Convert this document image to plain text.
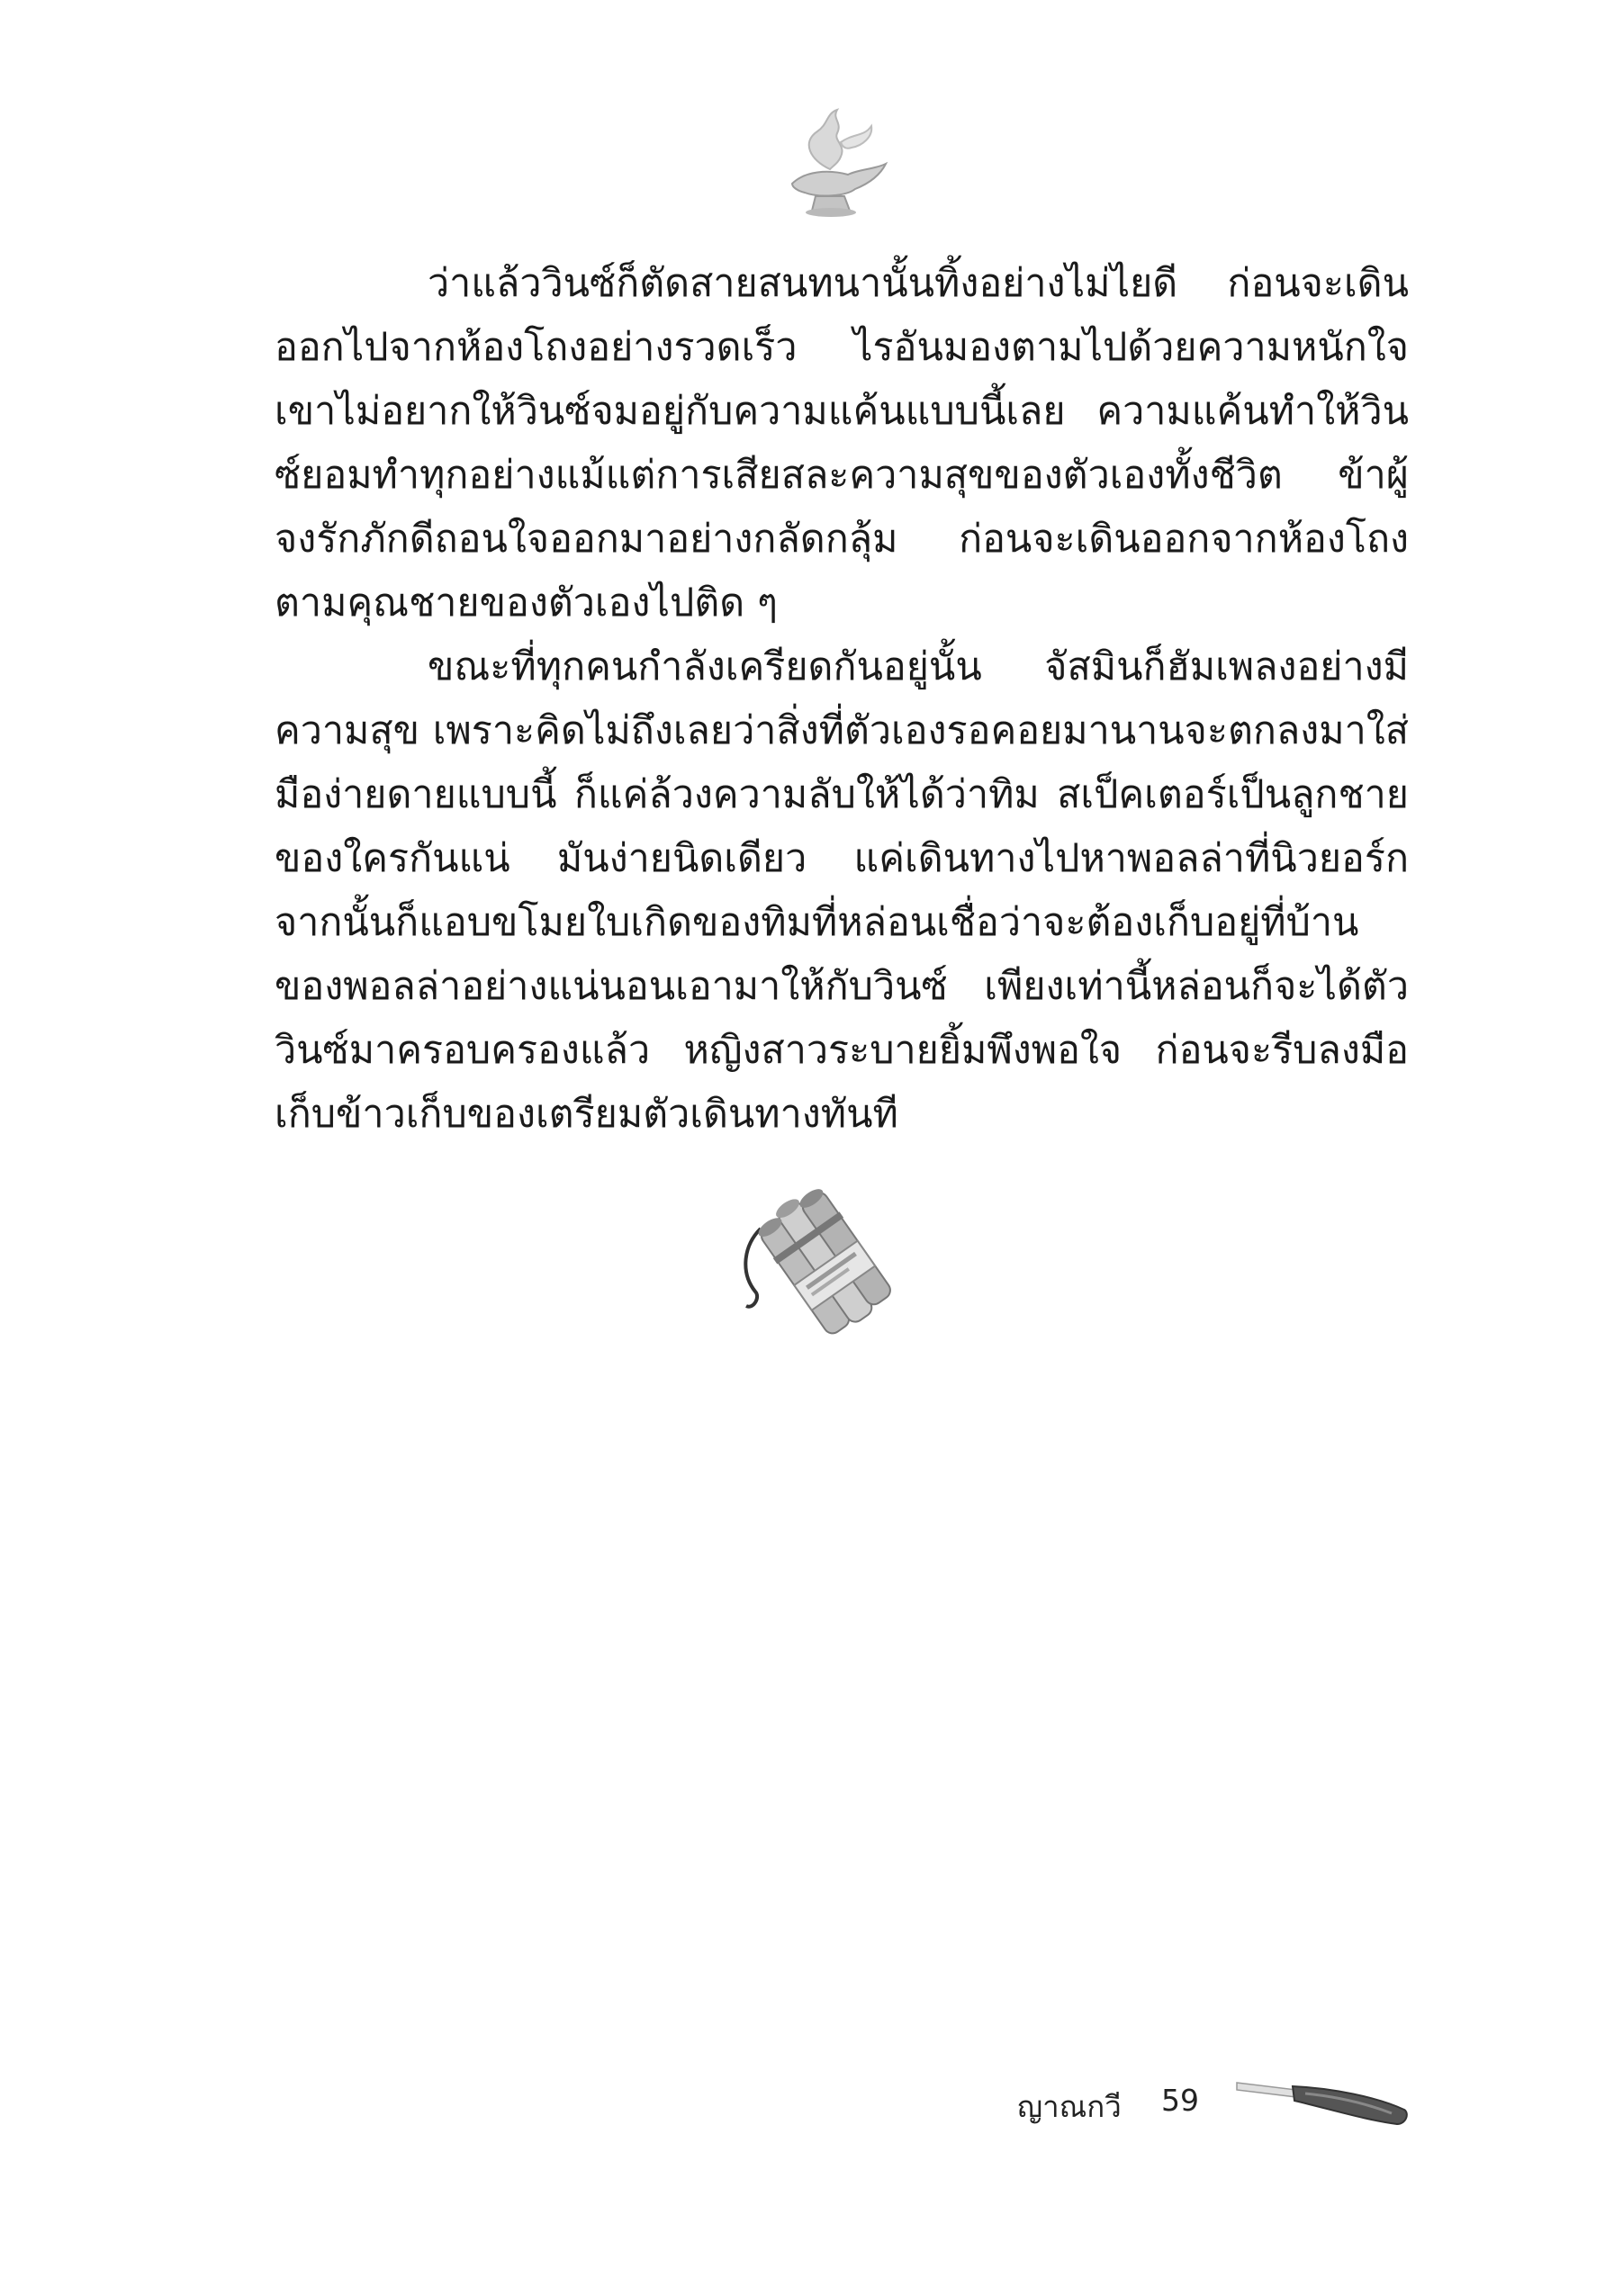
ว่าแล้ววินซ์ก็ตัดสายสนทนานั้นทิ้งอย่างไม่ไยดี ก่อนจะเดินออกไปจากห้องโถงอย่างรวดเร็ว ไรอันมองตามไปด้วยความหนักใจ เขาไม่อยากให้วินซ์จมอยู่กับความแค้นแบบนี้เลย ความแค้นทำให้วินซ์ยอมทำทุกอย่างแม้แต่การเสียสละความสุขของตัวเองทั้งชีวิต ข้าผู้จงรักภักดีถอนใจออกมาอย่างกลัดกลุ้ม ก่อนจะเดินออกจากห้องโถงตามคุณชายของตัวเองไปติด ๆ

ขณะที่ทุกคนกำลังเครียดกันอยู่นั้น จัสมินก็ฮัมเพลงอย่างมีความสุข เพราะคิดไม่ถึงเลยว่าสิ่งที่ตัวเองรอคอยมานานจะตกลงมาใส่มือง่ายดายแบบนี้ ก็แค่ล้วงความลับให้ได้ว่าทิม สเป็คเตอร์เป็นลูกชายของใครกันแน่ มันง่ายนิดเดียว แค่เดินทางไปหาพอลล่าที่นิวยอร์ก จากนั้นก็แอบขโมยใบเกิดของทิมที่หล่อนเชื่อว่าจะต้องเก็บอยู่ที่บ้านของพอลล่าอย่างแน่นอนเอามาให้กับวินซ์ เพียงเท่านี้หล่อนก็จะได้ตัววินซ์มาครอบครองแล้ว หญิงสาวระบายยิ้มพึงพอใจ ก่อนจะรีบลงมือเก็บข้าวเก็บของเตรียมตัวเดินทางทันที

ญาณกวี 59
